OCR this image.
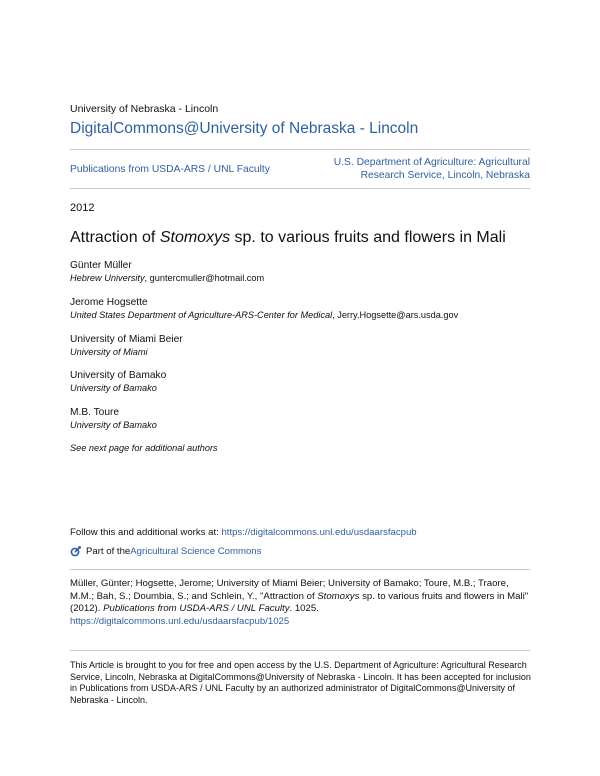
University of Nebraska - Lincoln
DigitalCommons@University of Nebraska - Lincoln
Publications from USDA-ARS / UNL Faculty
U.S. Department of Agriculture: Agricultural Research Service, Lincoln, Nebraska
2012
Attraction of Stomoxys sp. to various fruits and flowers in Mali
Günter Müller
Hebrew University, guntercmuller@hotmail.com
Jerome Hogsette
United States Department of Agriculture-ARS-Center for Medical, Jerry.Hogsette@ars.usda.gov
University of Miami Beier
University of Miami
University of Bamako
University of Bamako
M.B. Toure
University of Bamako
See next page for additional authors
Follow this and additional works at: https://digitalcommons.unl.edu/usdaarsfacpub
Part of the Agricultural Science Commons
Müller, Günter; Hogsette, Jerome; University of Miami Beier; University of Bamako; Toure, M.B.; Traore, M.M.; Bah, S.; Doumbia, S.; and Schlein, Y., "Attraction of Stomoxys sp. to various fruits and flowers in Mali" (2012). Publications from USDA-ARS / UNL Faculty. 1025.
https://digitalcommons.unl.edu/usdaarsfacpub/1025
This Article is brought to you for free and open access by the U.S. Department of Agriculture: Agricultural Research Service, Lincoln, Nebraska at DigitalCommons@University of Nebraska - Lincoln. It has been accepted for inclusion in Publications from USDA-ARS / UNL Faculty by an authorized administrator of DigitalCommons@University of Nebraska - Lincoln.
